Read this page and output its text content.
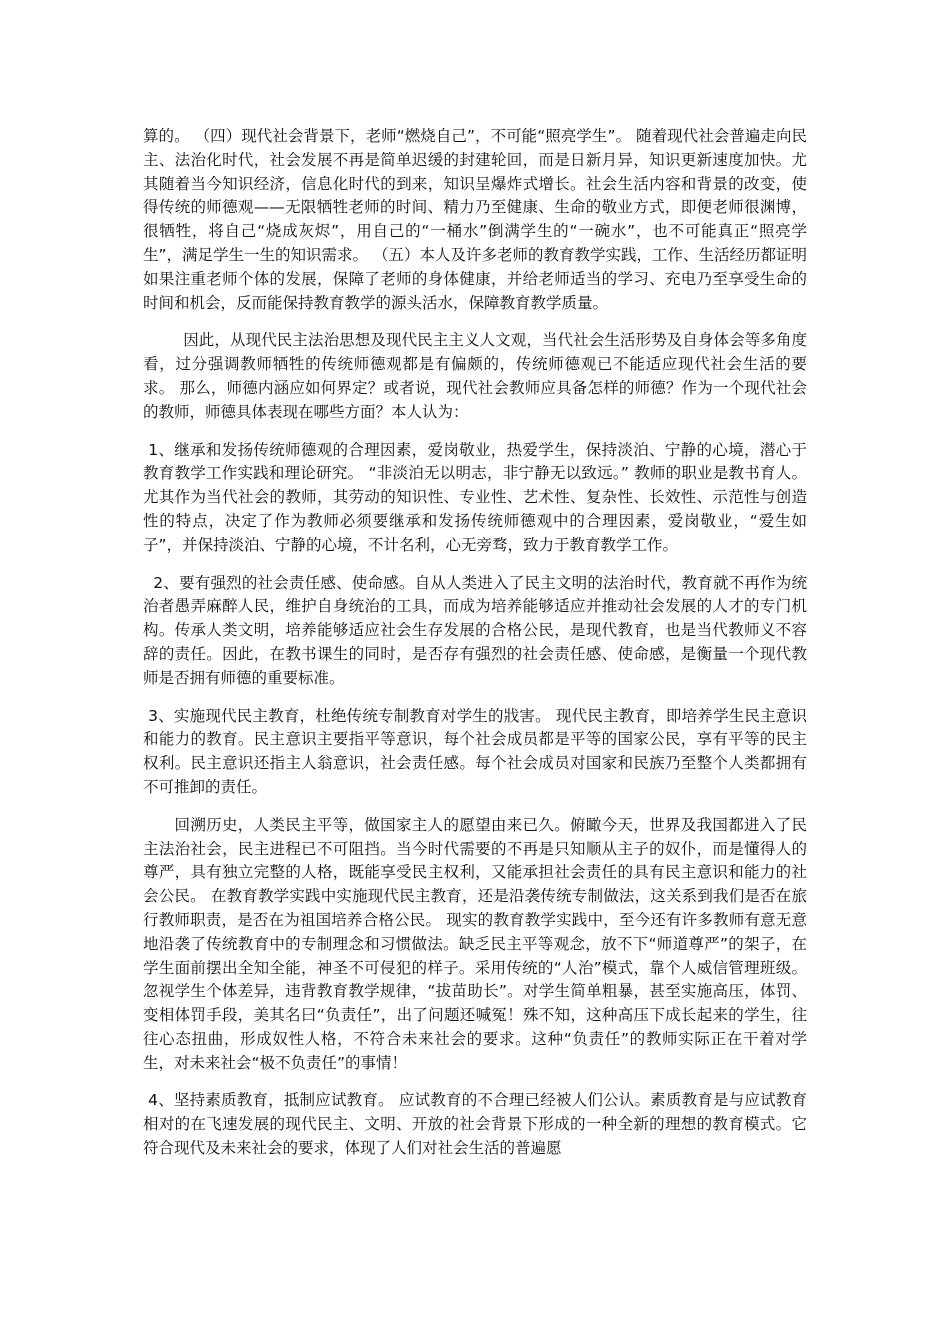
算的。 （四）现代社会背景下，老师“燃烧自己”，不可能“照亮学生”。 随着现代社会普遍走向民主、法治化时代，社会发展不再是简单迟缓的封建轮回，而是日新月异，知识更新速度加快。尤其随着当今知识经济，信息化时代的到来，知识呈爆炸式增长。社会生活内容和背景的改变，使得传统的师德观——无限牺牲老师的时间、精力乃至健康、生命的敬业方式，即便老师很渊博，很牺牲，将自己“烧成灰烬”，用自己的“一桶水”倒满学生的“一碗水”，也不可能真正“照亮学生”，满足学生一生的知识需求。 （五）本人及许多老师的教育教学实践，工作、生活经历都证明如果注重老师个体的发展，保障了老师的身体健康，并给老师适当的学习、充电乃至享受生命的时间和机会，反而能保持教育教学的源头活水，保障教育教学质量。

因此，从现代民主法治思想及现代民主主义人文观，当代社会生活形势及自身体会等多角度看，过分强调教师牺牲的传统师德观都是有偏颇的，传统师德观已不能适应现代社会生活的要求。 那么，师德内涵应如何界定？或者说，现代社会教师应具备怎样的师德？作为一个现代社会的教师，师德具体表现在哪些方面？本人认为：

1、继承和发扬传统师德观的合理因素，爱岗敬业，热爱学生，保持淡泊、宁静的心境，潜心于教育教学工作实践和理论研究。 “非淡泊无以明志，非宁静无以致远。” 教师的职业是教书育人。尤其作为当代社会的教师，其劳动的知识性、专业性、艺术性、复杂性、长效性、示范性与创造性的特点，决定了作为教师必须要继承和发扬传统师德观中的合理因素，爱岗敬业，“爱生如子”，并保持淡泊、宁静的心境，不计名利，心无旁骛，致力于教育教学工作。

2、要有强烈的社会责任感、使命感。自从人类进入了民主文明的法治时代，教育就不再作为统治者愚弄麻醉人民，维护自身统治的工具，而成为培养能够适应并推动社会发展的人才的专门机构。传承人类文明，培养能够适应社会生存发展的合格公民，是现代教育，也是当代教师义不容辞的责任。因此，在教书课生的同时，是否存有强烈的社会责任感、使命感，是衡量一个现代教师是否拥有师德的重要标准。

3、实施现代民主教育，杜绝传统专制教育对学生的戕害。 现代民主教育，即培养学生民主意识和能力的教育。民主意识主要指平等意识，每个社会成员都是平等的国家公民，享有平等的民主权利。民主意识还指主人翁意识，社会责任感。每个社会成员对国家和民族乃至整个人类都拥有不可推卸的责任。

回溯历史，人类民主平等，做国家主人的愿望由来已久。俯瞰今天，世界及我国都进入了民主法治社会，民主进程已不可阻挡。当今时代需要的不再是只知顺从主子的奴仆，而是懂得人的尊严，具有独立完整的人格，既能享受民主权利，又能承担社会责任的具有民主意识和能力的社会公民。 在教育教学实践中实施现代民主教育，还是沿袭传统专制做法，这关系到我们是否在旅行教师职责，是否在为祖国培养合格公民。 现实的教育教学实践中，至今还有许多教师有意无意地沿袭了传统教育中的专制理念和习惯做法。缺乏民主平等观念，放不下“师道尊严”的架子，在学生面前摆出全知全能，神圣不可侵犯的样子。采用传统的“人治”模式，靠个人威信管理班级。忽视学生个体差异，违背教育教学规律，“拔苗助长”。对学生简单粗暴，甚至实施高压，体罚、变相体罚手段，美其名曰“负责任”，出了问题还喊冤！殊不知，这种高压下成长起来的学生，往往心态扭曲，形成奴性人格，不符合未来社会的要求。这种“负责任”的教师实际正在干着对学生，对未来社会“极不负责任”的事情！

4、坚持素质教育，抵制应试教育。 应试教育的不合理已经被人们公认。素质教育是与应试教育相对的在飞速发展的现代民主、文明、开放的社会背景下形成的一种全新的理想的教育模式。它符合现代及未来社会的要求，体现了人们对社会生活的普遍愿
